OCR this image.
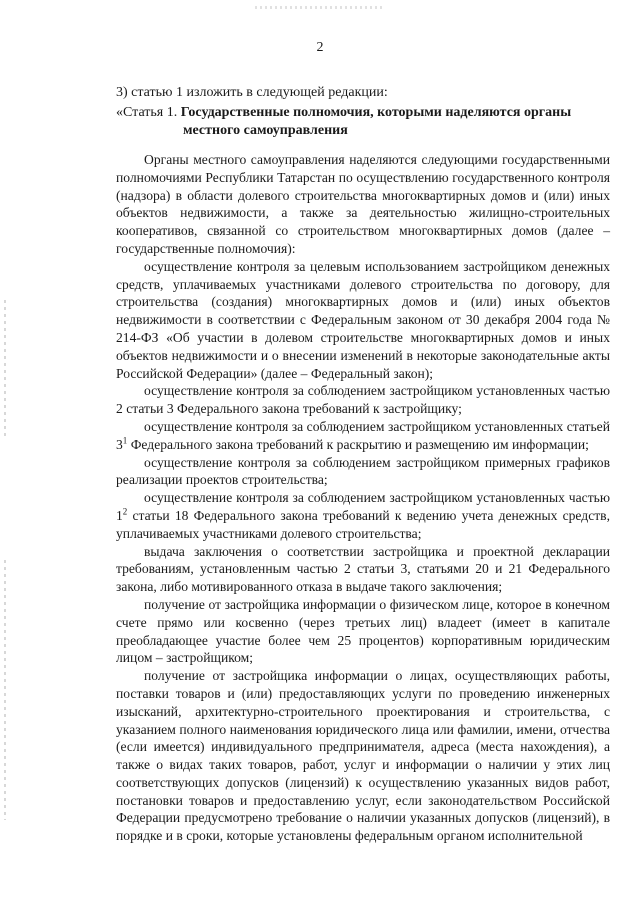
2

3) статью 1 изложить в следующей редакции:

«Статья 1. Государственные полномочия, которыми наделяются органы

местного самоуправления

Органы местного самоуправления наделяются следующими государственными полномочиями Республики Татарстан по осуществлению государственного контроля (надзора) в области долевого строительства многоквартирных домов и (или) иных объектов недвижимости, а также за деятельностью жилищно-строительных кооперативов, связанной со строительством многоквартирных домов (далее – государственные полномочия):

осуществление контроля за целевым использованием застройщиком денежных средств, уплачиваемых участниками долевого строительства по договору, для строительства (создания) многоквартирных домов и (или) иных объектов недвижимости в соответствии с Федеральным законом от 30 декабря 2004 года № 214-ФЗ «Об участии в долевом строительстве многоквартирных домов и иных объектов недвижимости и о внесении изменений в некоторые законодательные акты Российской Федерации» (далее – Федеральный закон);

осуществление контроля за соблюдением застройщиком установленных частью 2 статьи 3 Федерального закона требований к застройщику;

осуществление контроля за соблюдением застройщиком установленных статьей $3^1$ Федерального закона требований к раскрытию и размещению им информации;

осуществление контроля за соблюдением застройщиком примерных графиков реализации проектов строительства;

осуществление контроля за соблюдением застройщиком установленных частью $1^2$ статьи 18 Федерального закона требований к ведению учета денежных средств, уплачиваемых участниками долевого строительства;

выдача заключения о соответствии застройщика и проектной декларации требованиям, установленным частью 2 статьи 3, статьями 20 и 21 Федерального закона, либо мотивированного отказа в выдаче такого заключения;

получение от застройщика информации о физическом лице, которое в конечном счете прямо или косвенно (через третьих лиц) владеет (имеет в капитале преобладающее участие более чем 25 процентов) корпоративным юридическим лицом – застройщиком;

получение от застройщика информации о лицах, осуществляющих работы, поставки товаров и (или) предоставляющих услуги по проведению инженерных изысканий, архитектурно-строительного проектирования и строительства, с указанием полного наименования юридического лица или фамилии, имени, отчества (если имеется) индивидуального предпринимателя, адреса (места нахождения), а также о видах таких товаров, работ, услуг и информации о наличии у этих лиц соответствующих допусков (лицензий) к осуществлению указанных видов работ, постановки товаров и предоставлению услуг, если законодательством Российской Федерации предусмотрено требование о наличии указанных допусков (лицензий), в порядке и в сроки, которые установлены федеральным органом исполнительной
